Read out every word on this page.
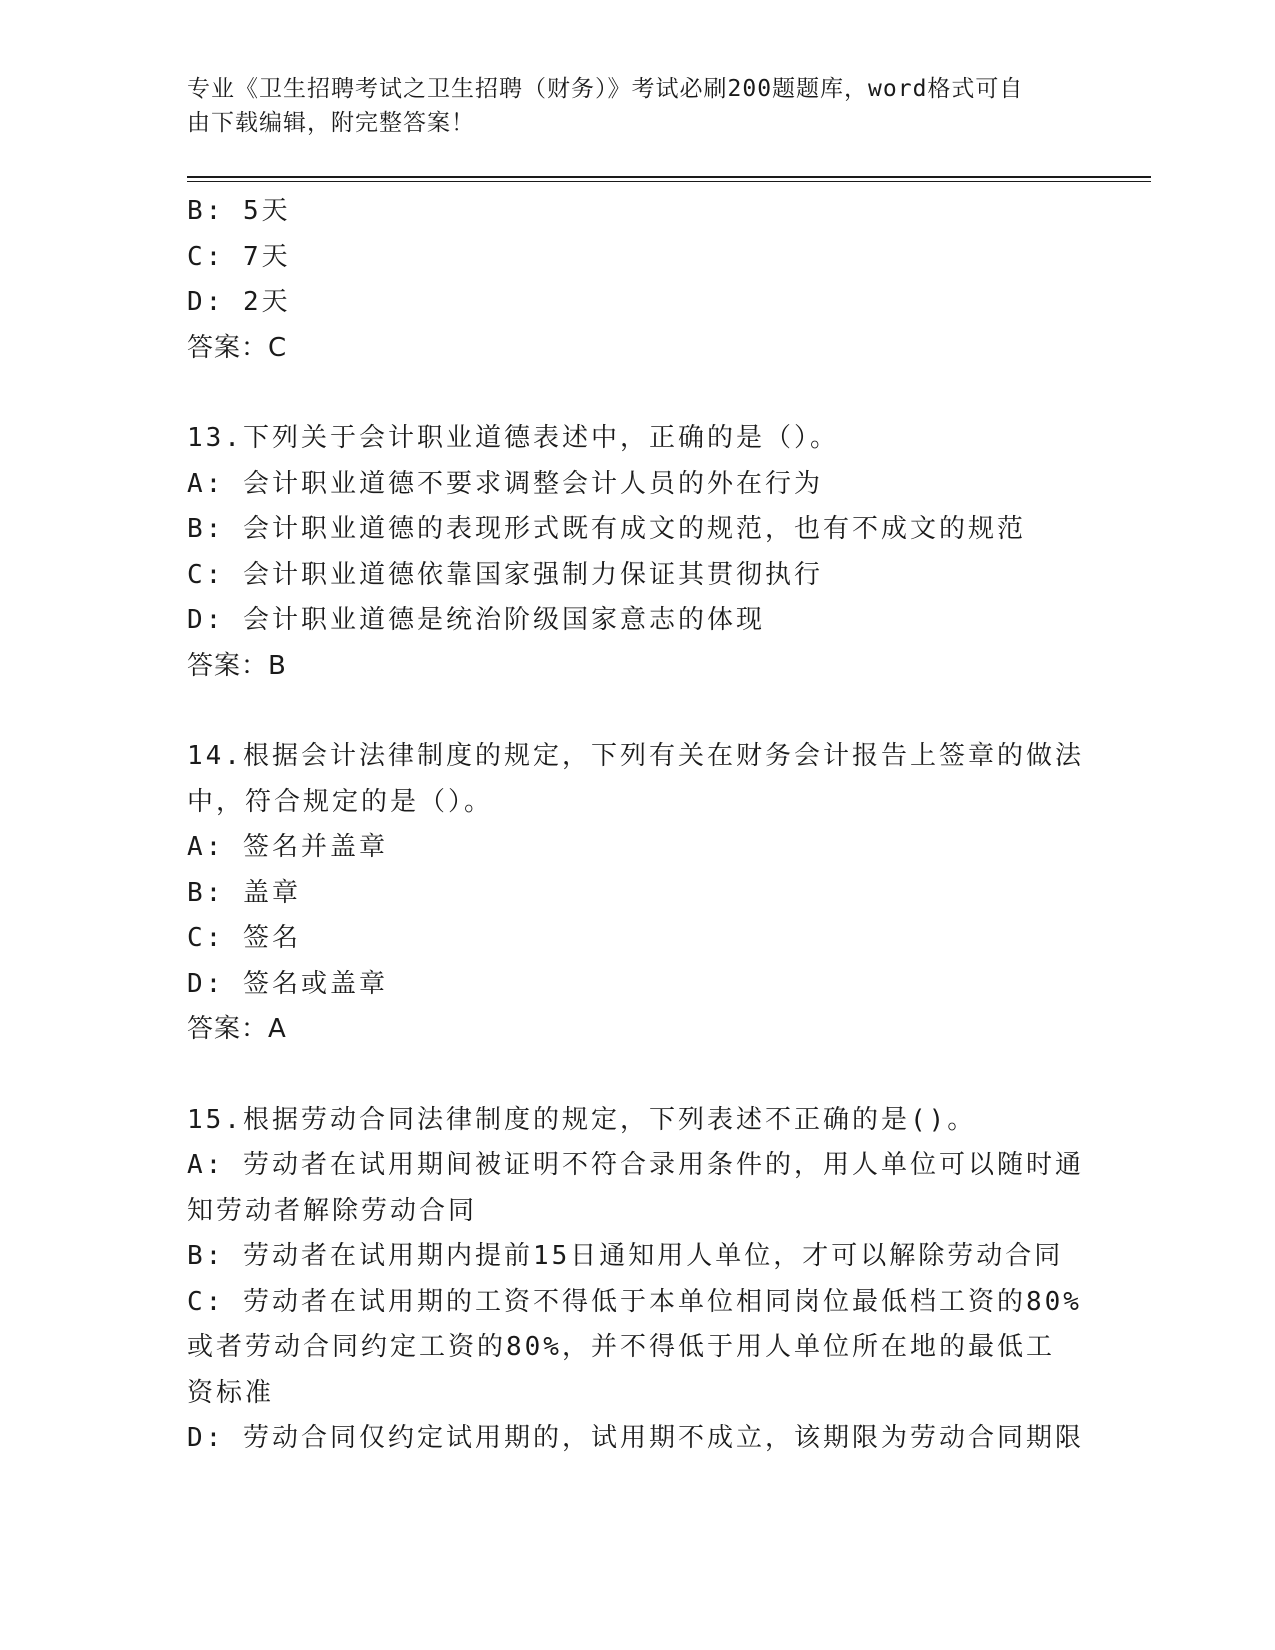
专业《卫生招聘考试之卫生招聘（财务）》考试必刷200题题库，word格式可自
由下载编辑，附完整答案！
B: 5天
C: 7天
D: 2天
答案：C
13.下列关于会计职业道德表述中，正确的是（）。
A: 会计职业道德不要求调整会计人员的外在行为
B: 会计职业道德的表现形式既有成文的规范，也有不成文的规范
C: 会计职业道德依靠国家强制力保证其贯彻执行
D: 会计职业道德是统治阶级国家意志的体现
答案：B
14.根据会计法律制度的规定，下列有关在财务会计报告上签章的做法
中，符合规定的是（）。
A: 签名并盖章
B: 盖章
C: 签名
D: 签名或盖章
答案：A
15.根据劳动合同法律制度的规定，下列表述不正确的是()。
A: 劳动者在试用期间被证明不符合录用条件的，用人单位可以随时通
知劳动者解除劳动合同
B: 劳动者在试用期内提前15日通知用人单位，才可以解除劳动合同
C: 劳动者在试用期的工资不得低于本单位相同岗位最低档工资的80%
或者劳动合同约定工资的80%，并不得低于用人单位所在地的最低工
资标准
D: 劳动合同仅约定试用期的，试用期不成立，该期限为劳动合同期限
